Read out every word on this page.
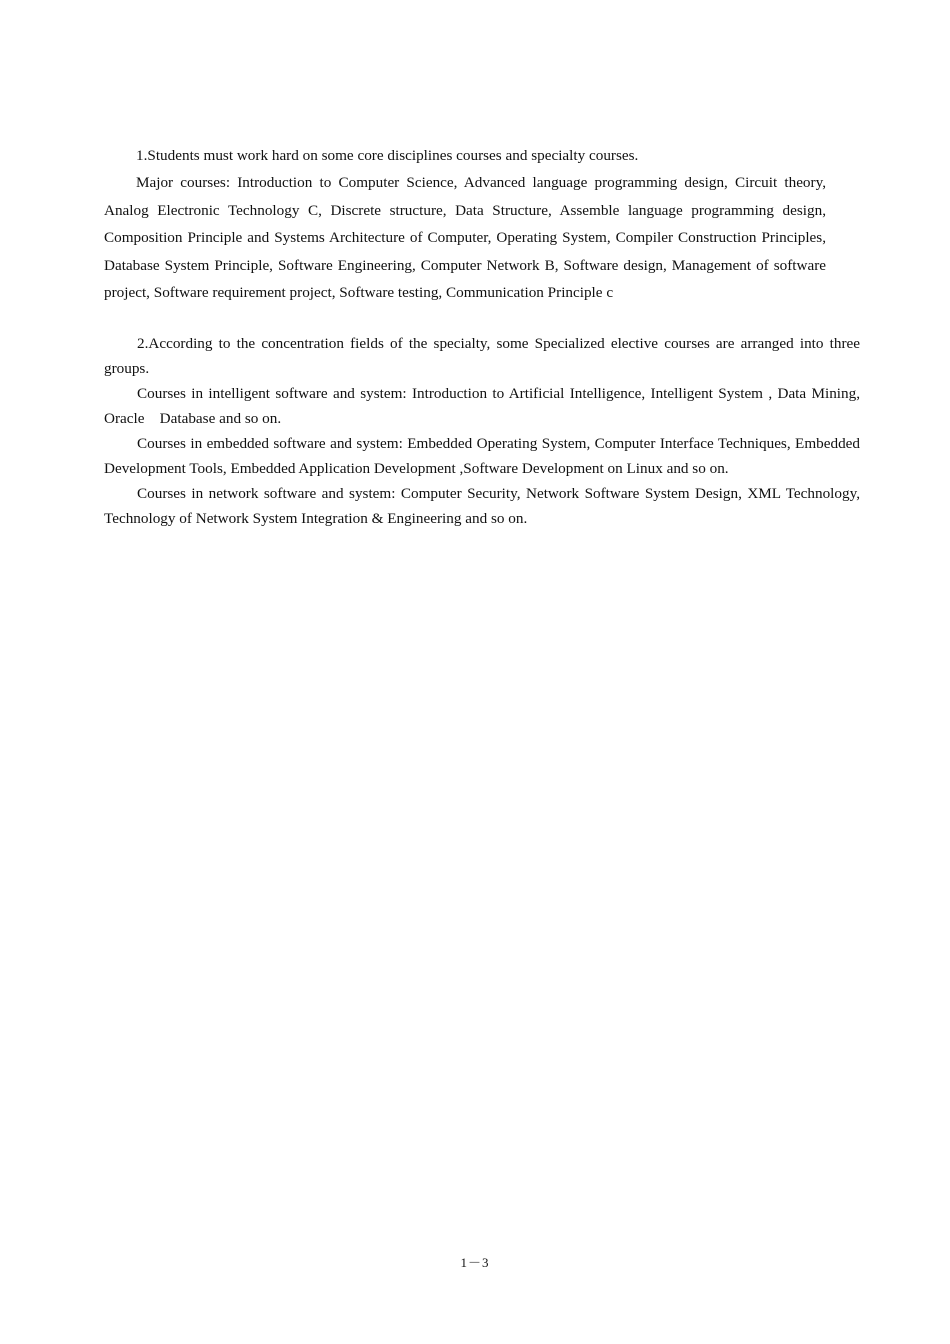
1.Students must work hard on some core disciplines courses and specialty courses.

Major courses: Introduction to Computer Science, Advanced language programming design, Circuit theory, Analog Electronic Technology C, Discrete structure, Data Structure, Assemble language programming design, Composition Principle and Systems Architecture of Computer, Operating System, Compiler Construction Principles, Database System Principle, Software Engineering, Computer Network B, Software design, Management of software project, Software requirement project, Software testing, Communication Principle c

2.According to the concentration fields of the specialty, some Specialized elective courses are arranged into three groups.

Courses in intelligent software and system: Introduction to Artificial Intelligence, Intelligent System , Data Mining, Oracle    Database and so on.

Courses in embedded software and system: Embedded Operating System, Computer Interface Techniques, Embedded Development Tools, Embedded Application Development ,Software Development on Linux and so on.

Courses in network software and system: Computer Security, Network Software System Design, XML Technology, Technology of Network System Integration & Engineering and so on.

1－3
